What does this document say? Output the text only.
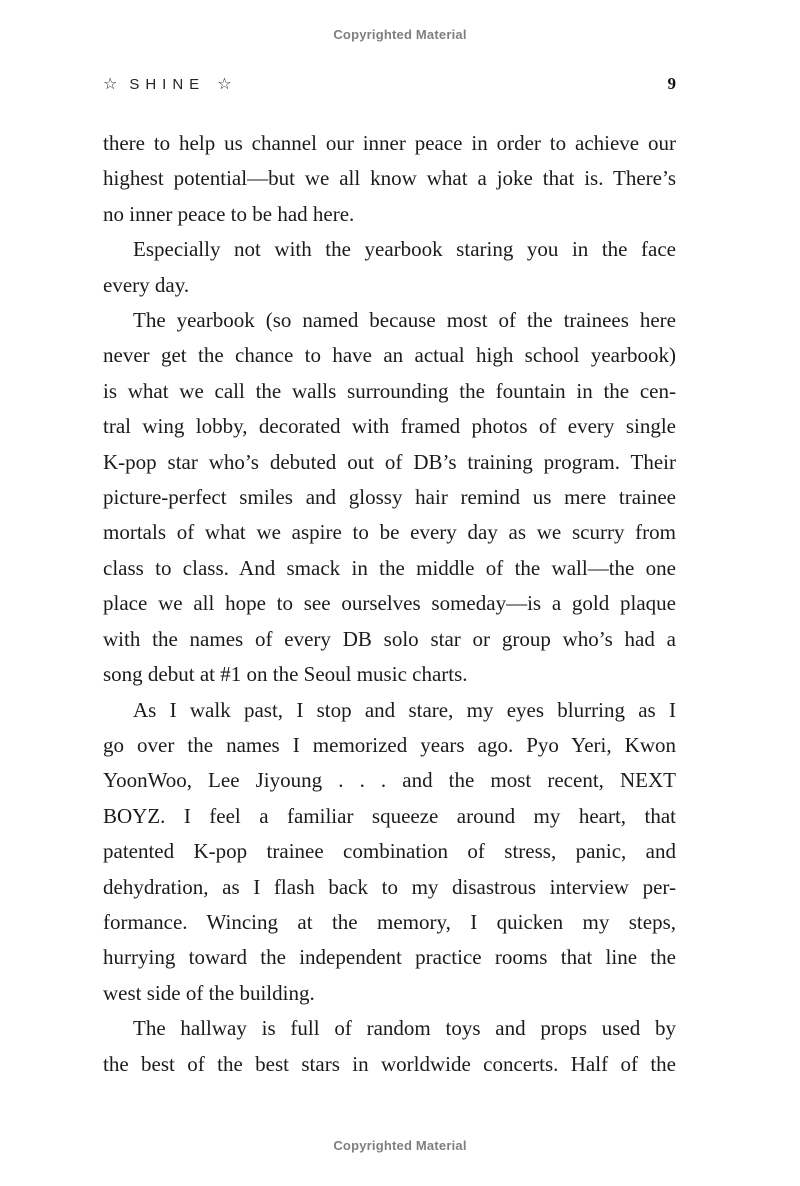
Copyrighted Material
☆ SHINE ☆	9
there to help us channel our inner peace in order to achieve our
highest potential—but we all know what a joke that is. There’s
no inner peace to be had here.
Especially not with the yearbook staring you in the face
every day.
The yearbook (so named because most of the trainees here
never get the chance to have an actual high school yearbook)
is what we call the walls surrounding the fountain in the cen-
tral wing lobby, decorated with framed photos of every single
K-pop star who’s debuted out of DB’s training program. Their
picture-perfect smiles and glossy hair remind us mere trainee
mortals of what we aspire to be every day as we scurry from
class to class. And smack in the middle of the wall—the one
place we all hope to see ourselves someday—is a gold plaque
with the names of every DB solo star or group who’s had a
song debut at #1 on the Seoul music charts.
As I walk past, I stop and stare, my eyes blurring as I
go over the names I memorized years ago. Pyo Yeri, Kwon
YoonWoo, Lee Jiyoung . . . and the most recent, NEXT
BOYZ. I feel a familiar squeeze around my heart, that
patented K-pop trainee combination of stress, panic, and
dehydration, as I flash back to my disastrous interview per-
formance. Wincing at the memory, I quicken my steps,
hurrying toward the independent practice rooms that line the
west side of the building.
The hallway is full of random toys and props used by
the best of the best stars in worldwide concerts. Half of the
Copyrighted Material
